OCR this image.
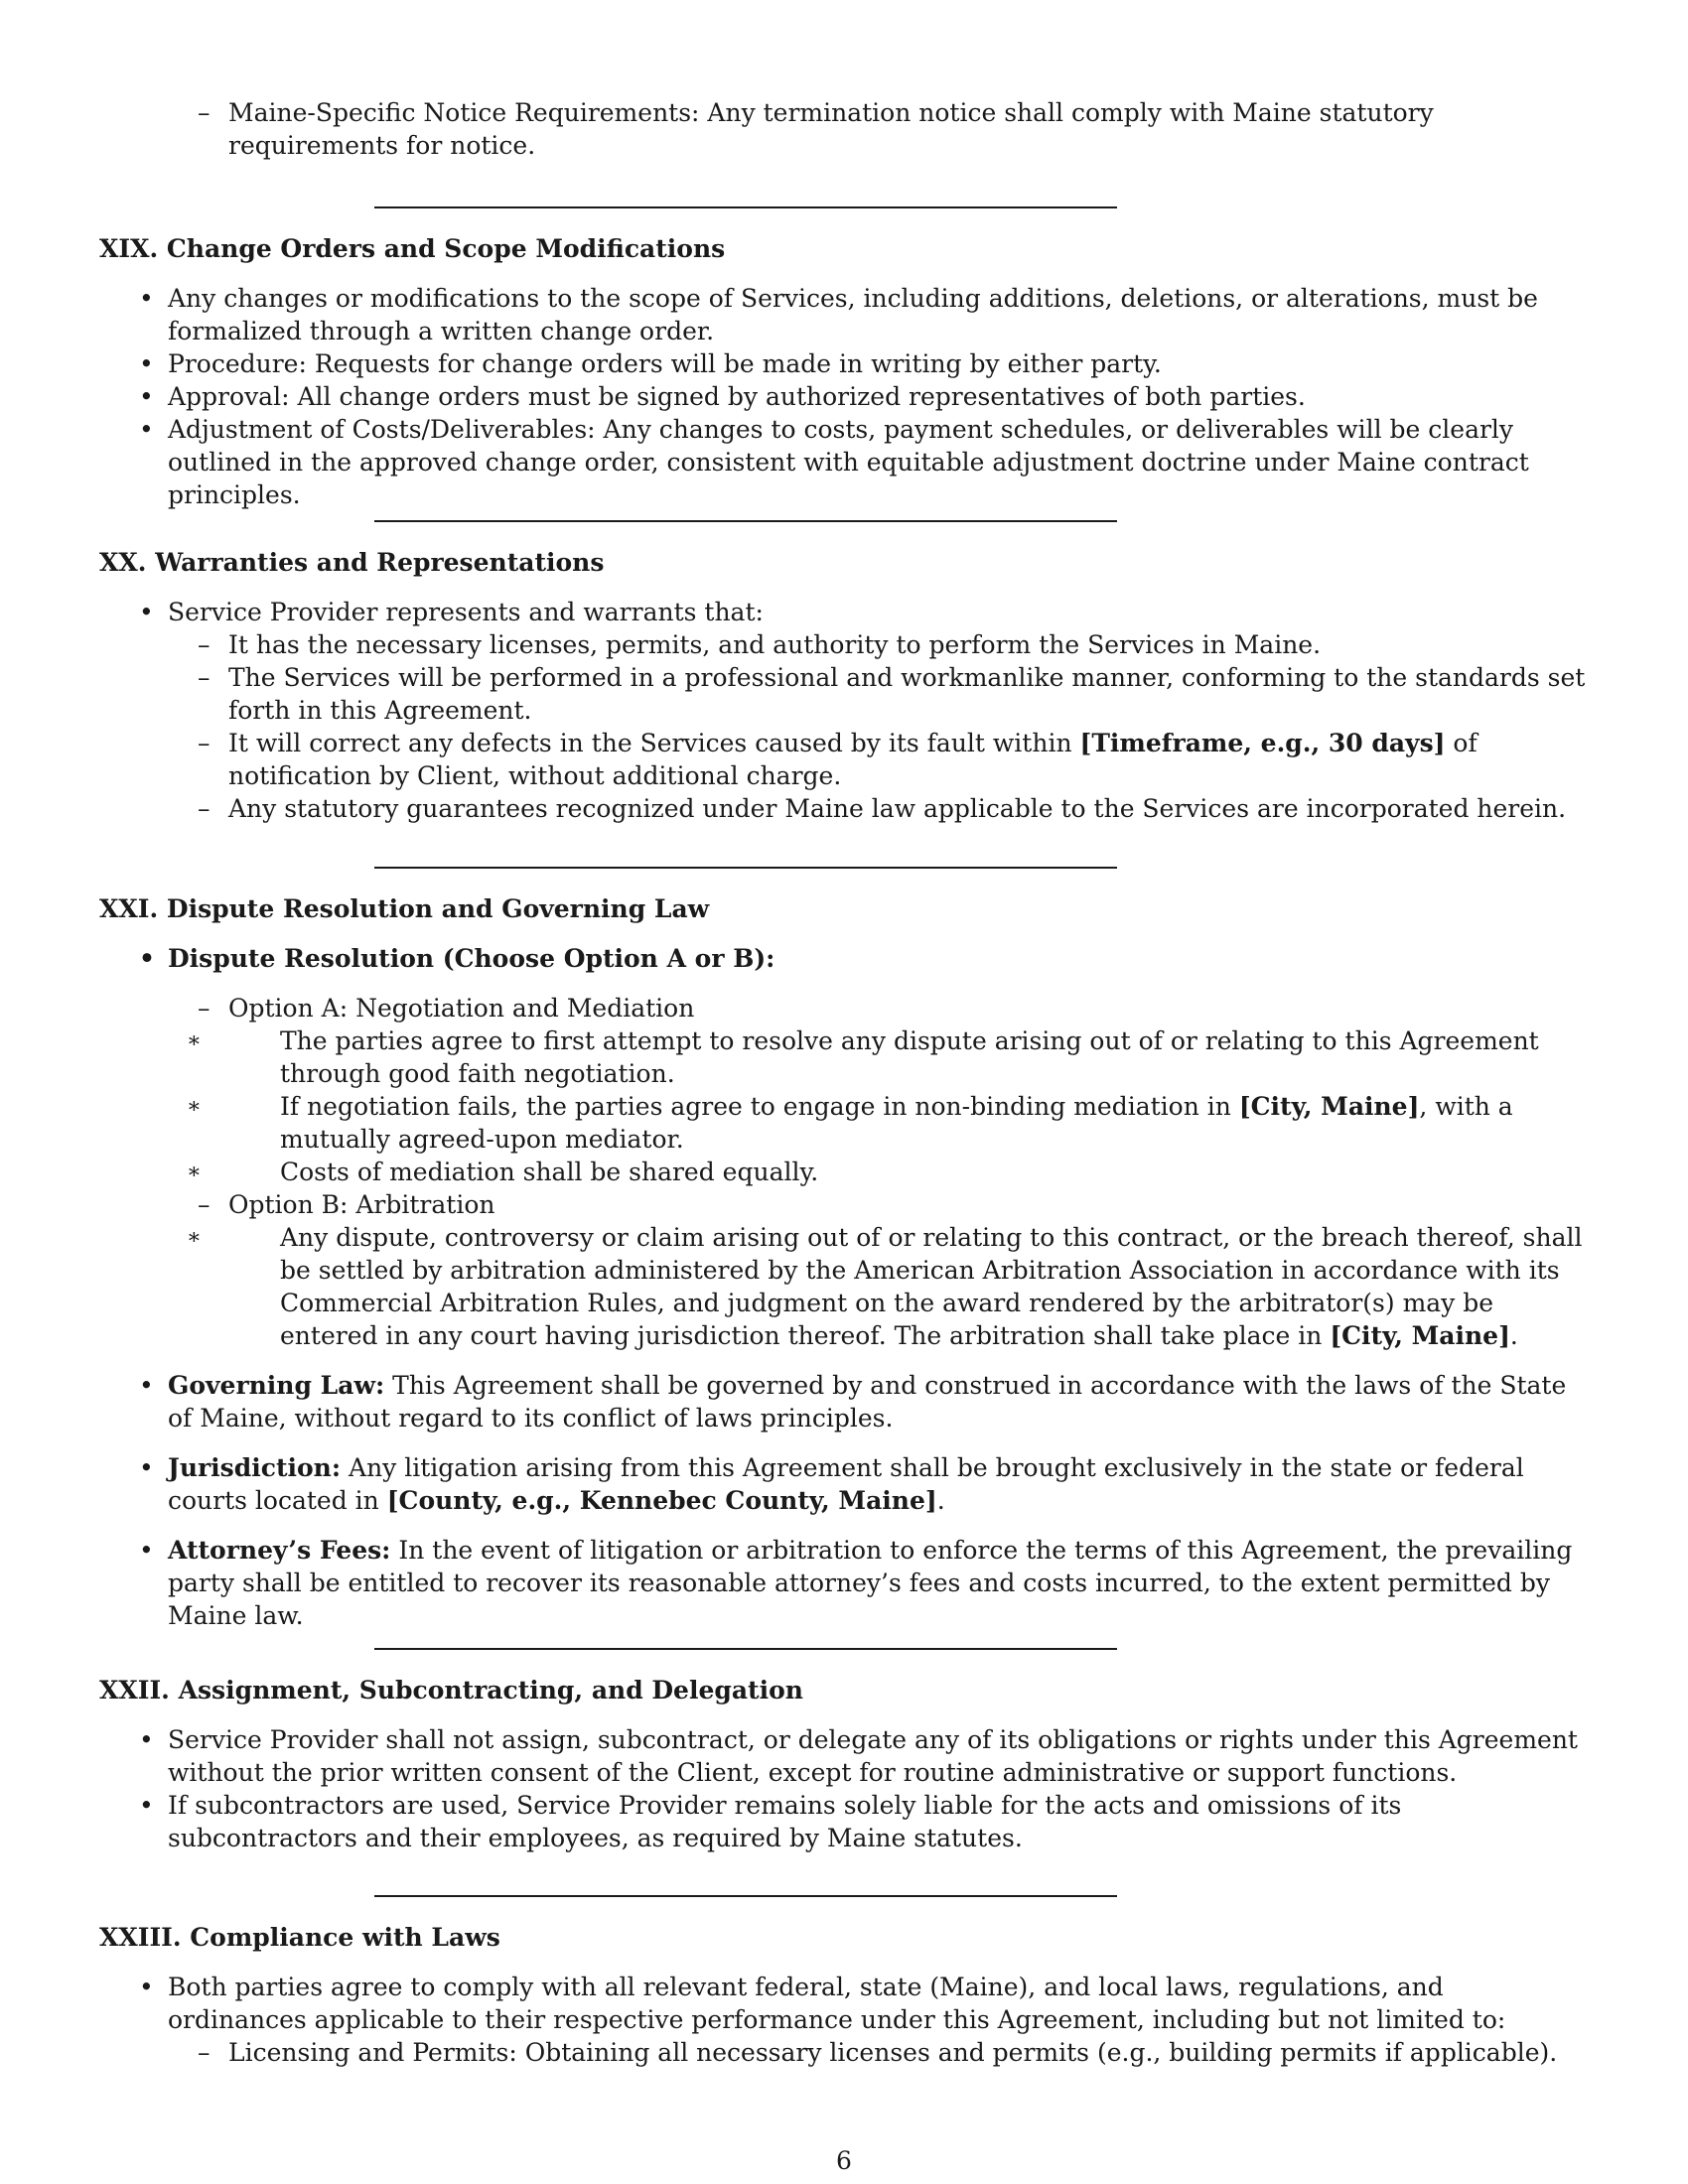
– Maine-Specific Notice Requirements: Any termination notice shall comply with Maine statutory requirements for notice.

XIX. Change Orders and Scope Modifications

• Any changes or modifications to the scope of Services, including additions, deletions, or alterations, must be formalized through a written change order.

• Procedure: Requests for change orders will be made in writing by either party.

• Approval: All change orders must be signed by authorized representatives of both parties.

• Adjustment of Costs/Deliverables: Any changes to costs, payment schedules, or deliverables will be clearly outlined in the approved change order, consistent with equitable adjustment doctrine under Maine contract principles.

XX. Warranties and Representations

• Service Provider represents and warrants that:

– It has the necessary licenses, permits, and authority to perform the Services in Maine.

– The Services will be performed in a professional and workmanlike manner, conforming to the standards set forth in this Agreement.

– It will correct any defects in the Services caused by its fault within [Timeframe, e.g., 30 days] of notification by Client, without additional charge.

– Any statutory guarantees recognized under Maine law applicable to the Services are incorporated herein.

XXI. Dispute Resolution and Governing Law

• Dispute Resolution (Choose Option A or B):

– Option A: Negotiation and Mediation

∗ The parties agree to first attempt to resolve any dispute arising out of or relating to this Agreement through good faith negotiation.

∗ If negotiation fails, the parties agree to engage in non-binding mediation in [City, Maine], with a mutually agreed-upon mediator.

∗ Costs of mediation shall be shared equally.

– Option B: Arbitration

∗ Any dispute, controversy or claim arising out of or relating to this contract, or the breach thereof, shall be settled by arbitration administered by the American Arbitration Association in accordance with its Commercial Arbitration Rules, and judgment on the award rendered by the arbitrator(s) may be entered in any court having jurisdiction thereof. The arbitration shall take place in [City, Maine].

• Governing Law: This Agreement shall be governed by and construed in accordance with the laws of the State of Maine, without regard to its conflict of laws principles.

• Jurisdiction: Any litigation arising from this Agreement shall be brought exclusively in the state or federal courts located in [County, e.g., Kennebec County, Maine].

• Attorney’s Fees: In the event of litigation or arbitration to enforce the terms of this Agreement, the prevailing party shall be entitled to recover its reasonable attorney’s fees and costs incurred, to the extent permitted by Maine law.

XXII. Assignment, Subcontracting, and Delegation

• Service Provider shall not assign, subcontract, or delegate any of its obligations or rights under this Agreement without the prior written consent of the Client, except for routine administrative or support functions.

• If subcontractors are used, Service Provider remains solely liable for the acts and omissions of its subcontractors and their employees, as required by Maine statutes.

XXIII. Compliance with Laws

• Both parties agree to comply with all relevant federal, state (Maine), and local laws, regulations, and ordinances applicable to their respective performance under this Agreement, including but not limited to:

– Licensing and Permits: Obtaining all necessary licenses and permits (e.g., building permits if applicable).

6
